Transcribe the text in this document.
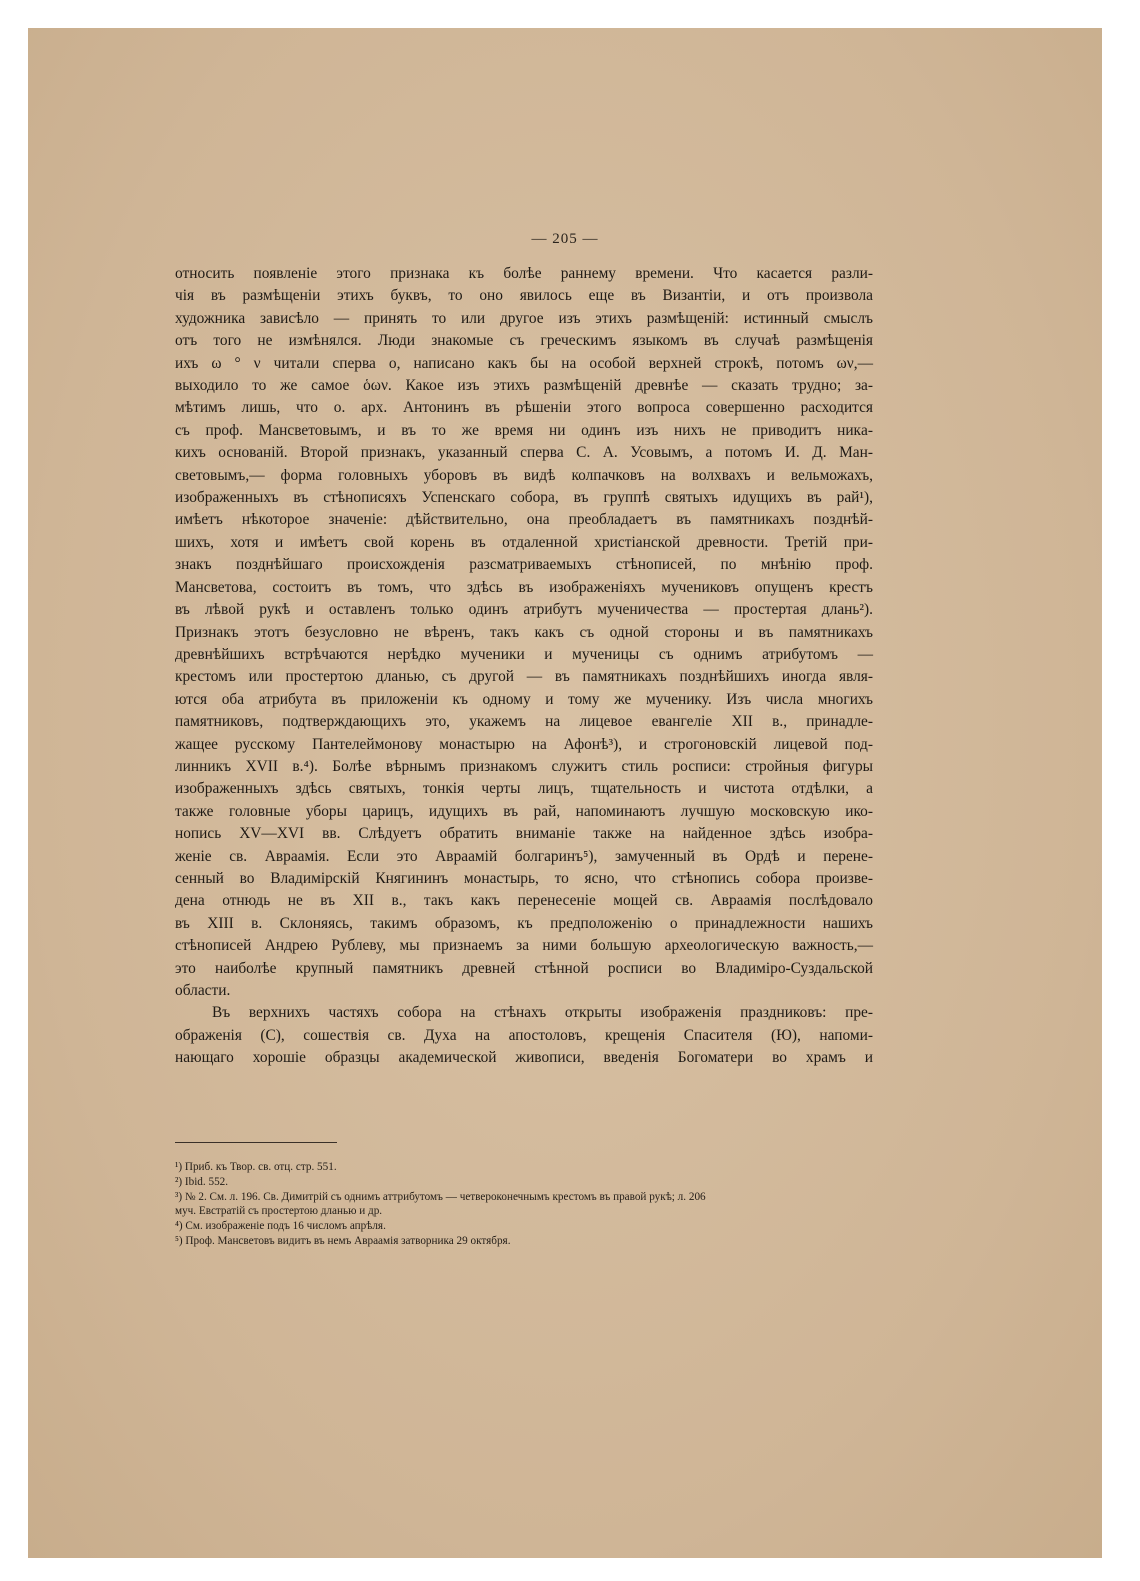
— 205 —

относить появленіе этого признака къ болѣе раннему времени. Что касается разли-

чія въ размѣщеніи этихъ буквъ, то оно явилось еще въ Византіи, и отъ произвола

художника зависѣло — принять то или другое изъ этихъ размѣщеній: истинный смыслъ

отъ того не измѣнялся. Люди знакомые съ греческимъ языкомъ въ случаѣ размѣщенія

ихъ ω ° ν читали сперва ο, написано какъ бы на особой верхней строкѣ, потомъ ων,—

выходило то же самое ὁων. Какое изъ этихъ размѣщеній древнѣе — сказать трудно; за-

мѣтимъ лишь, что о. арх. Антонинъ въ рѣшеніи этого вопроса совершенно расходится

съ проф. Мансветовымъ, и въ то же время ни одинъ изъ нихъ не приводитъ никa-

кихъ основаній. Второй признакъ, указанный сперва С. А. Усовымъ, а потомъ И. Д. Ман-

световымъ,— форма головныхъ уборовъ въ видѣ колпачковъ на волхвахъ и вельможахъ,

изображенныхъ въ стѣнописяхъ Успенскаго собора, въ группѣ святыхъ идущихъ въ рай¹),

имѣетъ нѣкоторое значеніе: дѣйствительно, она преобладаетъ въ памятникахъ позднѣй-

шихъ, хотя и имѣетъ свой корень въ отдаленной христіанской древности. Третій при-

знакъ позднѣйшаго происхожденія разсматриваемыхъ стѣнописей, по мнѣнію проф.

Мансветова, состоитъ въ томъ, что здѣсь въ изображеніяхъ мучениковъ опущенъ крестъ

въ лѣвой рукѣ и оставленъ только одинъ атрибутъ мученичества — простертая длань²).

Признакъ этотъ безусловно не вѣренъ, такъ какъ съ одной стороны и въ памятникахъ

древнѣйшихъ встрѣчаются нерѣдко мученики и мученицы съ однимъ атрибутомъ —

крестомъ или простертою дланью, съ другой — въ памятникахъ позднѣйшихъ иногда явля-

ются оба атрибута въ приложеніи къ одному и тому же мученику. Изъ числа многихъ

памятниковъ, подтверждающихъ это, укажемъ на лицевое евангеліе XII в., принадле-

жащее русскому Пантелеймонову монастырю на Афонѣ³), и строгоновскій лицевой под-

линникъ XVII в.⁴). Болѣе вѣрнымъ признакомъ служитъ стиль росписи: стройныя фигуры

изображенныхъ здѣсь святыхъ, тонкія черты лицъ, тщательность и чистота отдѣлки, а

также головные уборы царицъ, идущихъ въ рай, напоминаютъ лучшую московскую ико-

нопись XV—XVI вв. Слѣдуетъ обратить вниманіе также на найденное здѣсь изобра-

женіе св. Авраамія. Если это Авраамій болгаринъ⁵), замученный въ Ордѣ и перене-

сенный во Владимірскій Княгининъ монастырь, то ясно, что стѣнопись собора произве-

дена отнюдь не въ XII в., такъ какъ перенесеніе мощей св. Авраамія послѣдовало

въ XIII в. Склоняясь, такимъ образомъ, къ предположенію о принадлежности нашихъ

стѣнописей Андрею Рублеву, мы признаемъ за ними большую археологическую важность,—

это наиболѣе крупный памятникъ древней стѣнной росписи во Владиміро-Суздальской

области.

Въ верхнихъ частяхъ собора на стѣнахъ открыты изображенія праздниковъ: пре-

ображенія (С), сошествія св. Духа на апостоловъ, крещенія Спасителя (Ю), напоми-

нающаго хорошіе образцы академической живописи, введенія Богоматери во храмъ и

¹) Приб. къ Твор. св. отц. стр. 551.
²) Ibid. 552.
³) № 2. См. л. 196. Св. Димитрій съ однимъ аттрибутомъ — четвероконечнымъ крестомъ въ правой рукѣ; л. 206
муч. Евстратій съ простертою дланью и др.
⁴) См. изображеніе подъ 16 числомъ апрѣля.
⁵) Проф. Мансветовъ видитъ въ немъ Авраамія затворника 29 октября.
